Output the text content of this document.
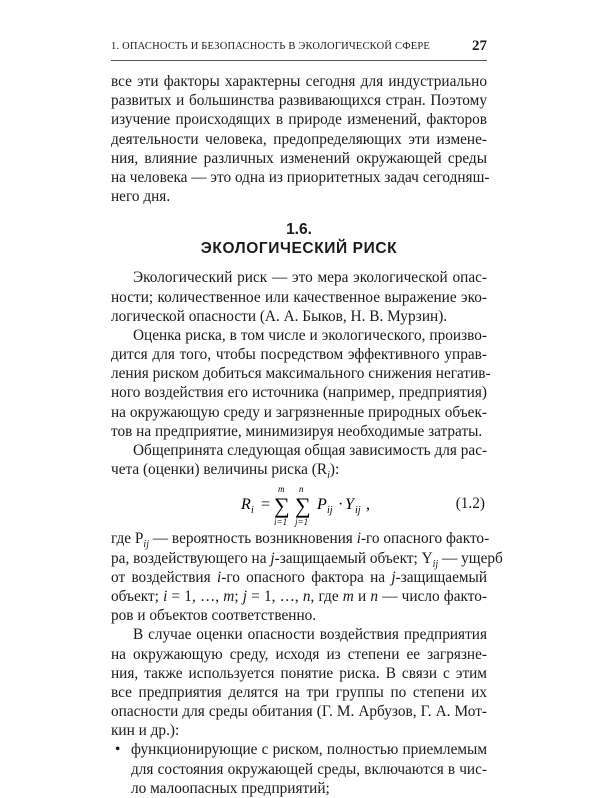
1. ОПАСНОСТЬ И БЕЗОПАСНОСТЬ В ЭКОЛОГИЧЕСКОЙ СФЕРЕ	27
все эти факторы характерны сегодня для индустриально
развитых и большинства развивающихся стран. Поэтому
изучение происходящих в природе изменений, факторов
деятельности человека, предопределяющих эти измене-
ния, влияние различных изменений окружающей среды
на человека — это одна из приоритетных задач сегодняш-
него дня.
1.6.
ЭКОЛОГИЧЕСКИЙ РИСК
Экологический риск — это мера экологической опас-
ности; количественное или качественное выражение эко-
логической опасности (А. А. Быков, Н. В. Мурзин).
Оценка риска, в том числе и экологического, произво-
дится для того, чтобы посредством эффективного управ-
ления риском добиться максимального снижения негатив-
ного воздействия его источника (например, предприятия)
на окружающую среду и загрязненные природных объек-
тов на предприятие, минимизируя необходимые затраты.
Общепринята следующая общая зависимость для рас-
чета (оценки) величины риска $(R_i)$:
R i =
m
∑
i=1
n
∑
j=1
P ij · Y ij ,	(1.2)
где $P_{ij}$ — вероятность возникновения i-го опасного факто-
ра, воздействующего на j-защищаемый объект; $Y_{ij}$ — ущерб
от воздействия i-го опасного фактора на j-защищаемый
объект; i = 1, …, m; j = 1, …, n, где m и n — число факто-
ров и объектов соответственно.
В случае оценки опасности воздействия предприятия
на окружающую среду, исходя из степени ее загрязне-
ния, также используется понятие риска. В связи с этим
все предприятия делятся на три группы по степени их
опасности для среды обитания (Г. М. Арбузов, Г. А. Мот-
кин и др.):
• функционирующие с риском, полностью приемлемым
для состояния окружающей среды, включаются в чис-
ло малоопасных предприятий;
